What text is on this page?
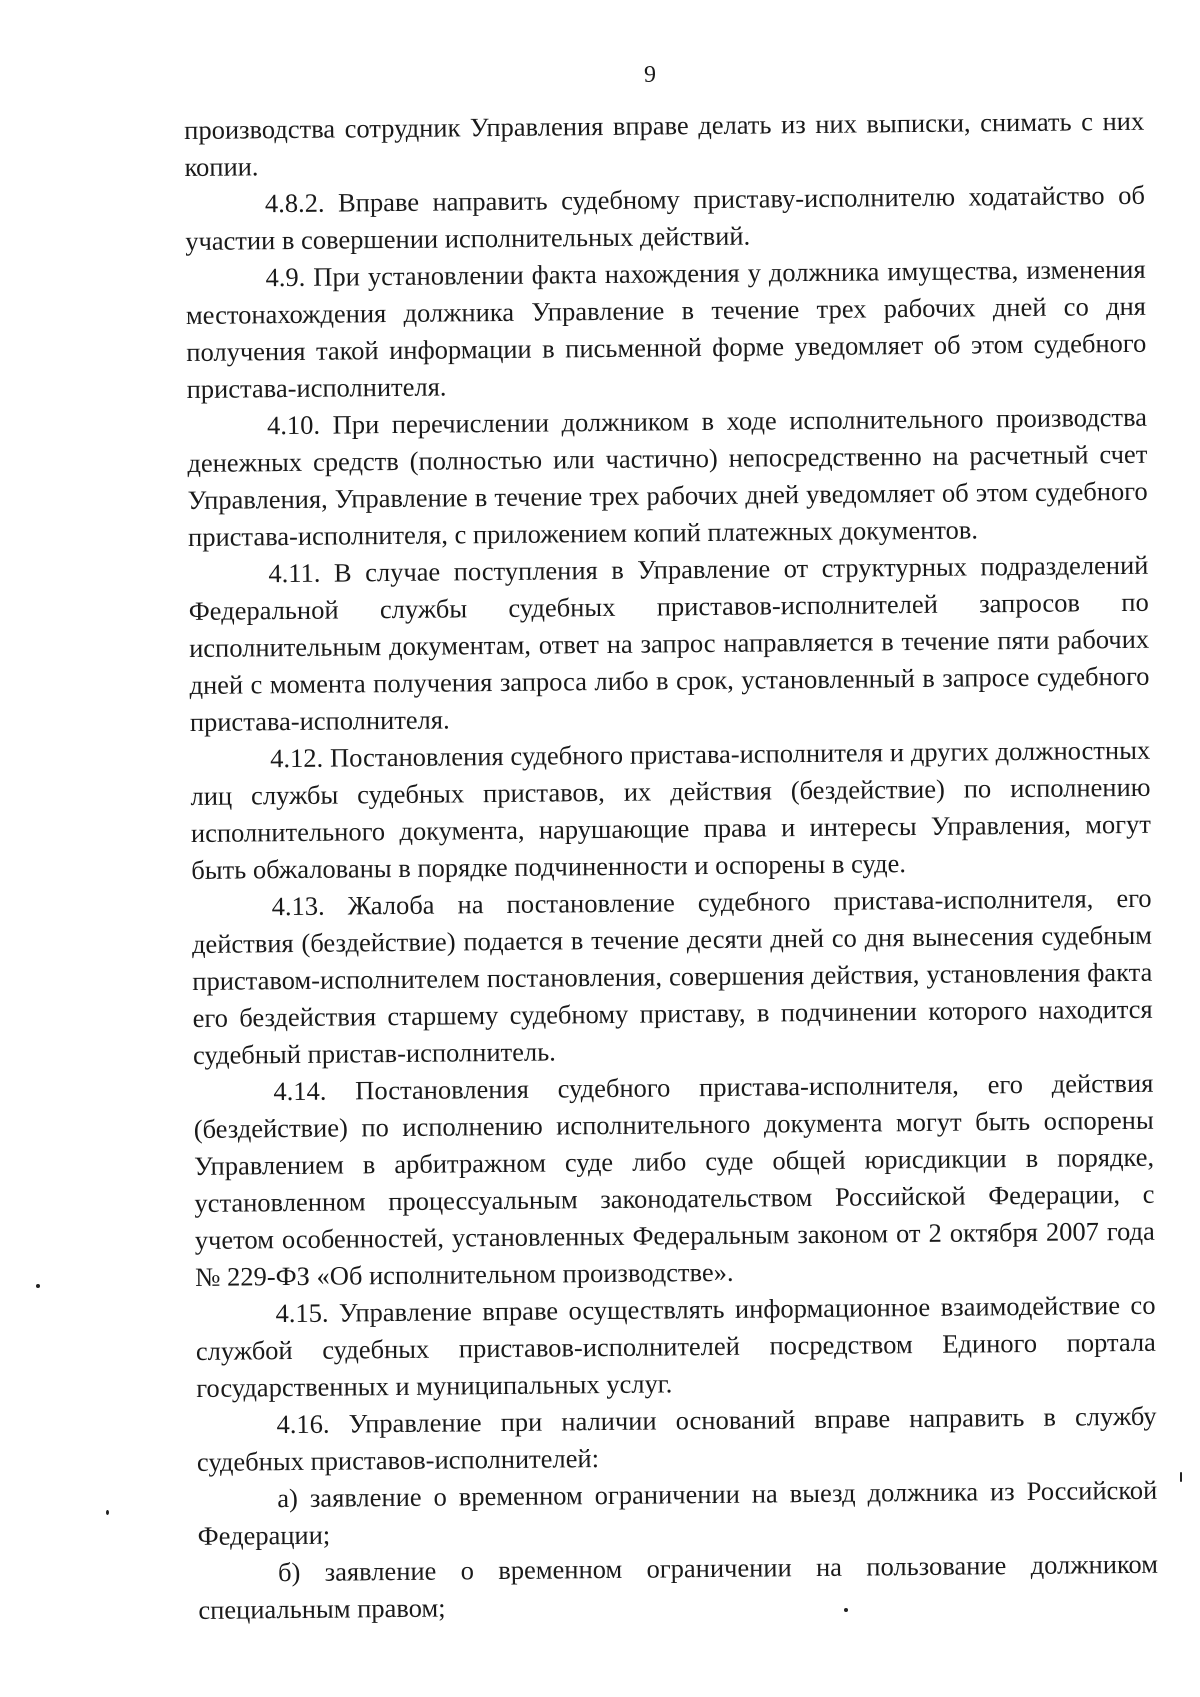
9

производства сотрудник Управления вправе делать из них выписки, снимать с них копии.

4.8.2. Вправе направить судебному приставу-исполнителю ходатайство об участии в совершении исполнительных действий.

4.9. При установлении факта нахождения у должника имущества, изменения местонахождения должника Управление в течение трех рабочих дней со дня получения такой информации в письменной форме уведомляет об этом судебного пристава-исполнителя.

4.10. При перечислении должником в ходе исполнительного производства денежных средств (полностью или частично) непосредственно на расчетный счет Управления, Управление в течение трех рабочих дней уведомляет об этом судебного пристава-исполнителя, с приложением копий платежных документов.

4.11. В случае поступления в Управление от структурных подразделений Федеральной службы судебных приставов-исполнителей запросов по исполнительным документам, ответ на запрос направляется в течение пяти рабочих дней с момента получения запроса либо в срок, установленный в запросе судебного пристава-исполнителя.

4.12. Постановления судебного пристава-исполнителя и других должностных лиц службы судебных приставов, их действия (бездействие) по исполнению исполнительного документа, нарушающие права и интересы Управления, могут быть обжалованы в порядке подчиненности и оспорены в суде.

4.13. Жалоба на постановление судебного пристава-исполнителя, его действия (бездействие) подается в течение десяти дней со дня вынесения судебным приставом-исполнителем постановления, совершения действия, установления факта его бездействия старшему судебному приставу, в подчинении которого находится судебный пристав-исполнитель.

4.14. Постановления судебного пристава-исполнителя, его действия (бездействие) по исполнению исполнительного документа могут быть оспорены Управлением в арбитражном суде либо суде общей юрисдикции в порядке, установленном процессуальным законодательством Российской Федерации, с учетом особенностей, установленных Федеральным законом от 2 октября 2007 года № 229-ФЗ «Об исполнительном производстве».

4.15. Управление вправе осуществлять информационное взаимодействие со службой судебных приставов-исполнителей посредством Единого портала государственных и муниципальных услуг.

4.16. Управление при наличии оснований вправе направить в службу судебных приставов-исполнителей:

а) заявление о временном ограничении на выезд должника из Российской Федерации;

б) заявление о временном ограничении на пользование должником специальным правом;
